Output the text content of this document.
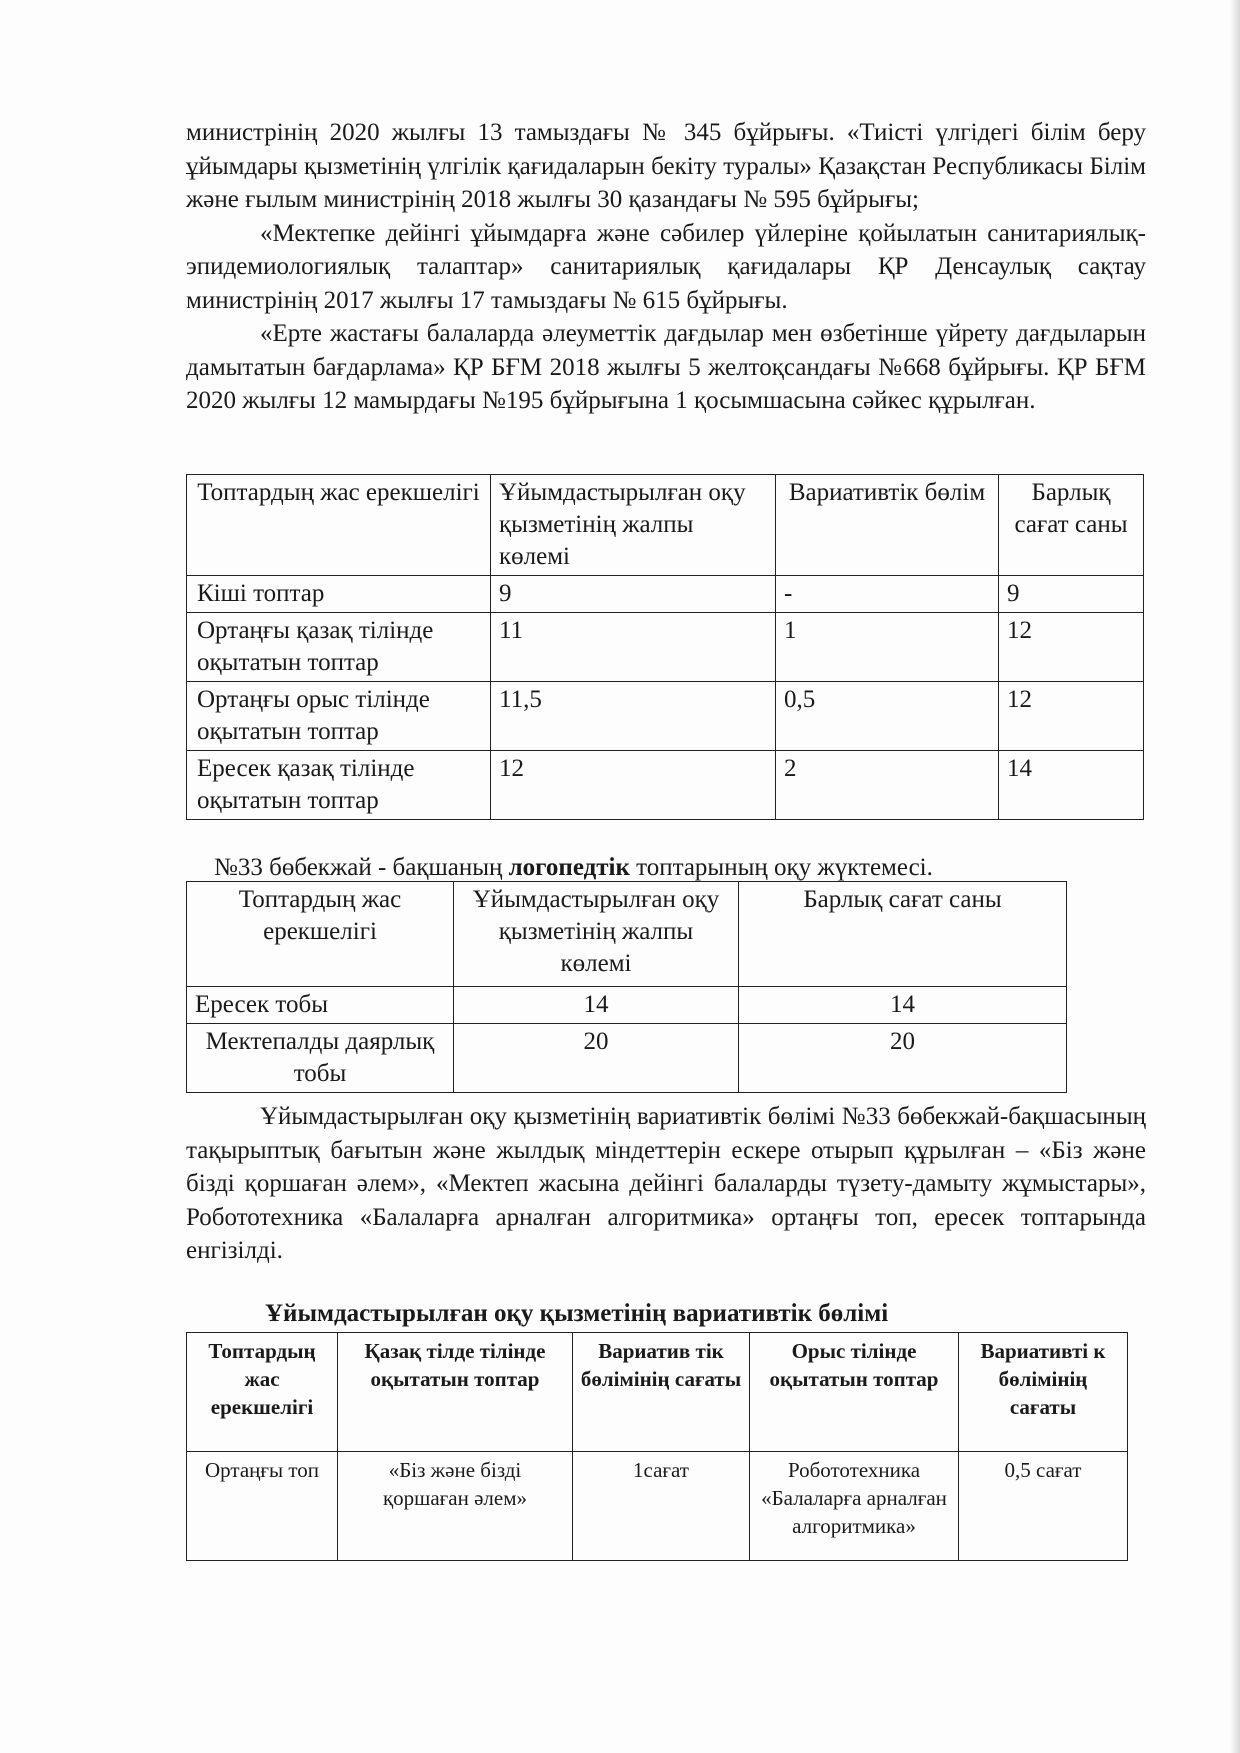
министрінің 2020 жылғы 13 тамыздағы № 345 бұйрығы. «Тиісті үлгідегі білім беру ұйымдары қызметінің үлгілік қағидаларын бекіту туралы» Қазақстан Республикасы Білім және ғылым министрінің 2018 жылғы 30 қазандағы № 595 бұйрығы;

«Мектепке дейінгі ұйымдарға және сәбилер үйлеріне қойылатын санитариялық-эпидемиологиялық талаптар» санитариялық қағидалары ҚР Денсаулық сақтау министрінің 2017 жылғы 17 тамыздағы № 615 бұйрығы.

«Ерте жастағы балаларда әлеуметтік дағдылар мен өзбетінше үйрету дағдыларын дамытатын бағдарлама» ҚР БҒМ 2018 жылғы 5 желтоқсандағы №668 бұйрығы. ҚР БҒМ 2020 жылғы 12 мамырдағы №195 бұйрығына 1 қосымшасына сәйкес құрылған.

Топтардың жас ерекшелігі	Ұйымдастырылған оқу қызметінің жалпы көлемі	Вариативтік бөлім	Барлық сағат саны
Кіші топтар	9	-	9
Ортаңғы қазақ тілінде оқытатын топтар	11	1	12
Ортаңғы орыс тілінде оқытатын топтар	11,5	0,5	12
Ересек қазақ тілінде оқытатын топтар	12	2	14
№33 бөбекжай - бақшаның логопедтік топтарының оқу жүктемесі.
Топтардың жас ерекшелігі	Ұйымдастырылған оқу қызметінің жалпы көлемі	Барлық сағат саны
Ересек тобы	14	14
Мектепалды даярлық тобы	20	20

Ұйымдастырылған оқу қызметінің вариативтік бөлімі №33 бөбекжай-бақшасының тақырыптық бағытын және жылдық міндеттерін ескере отырып құрылған – «Біз және бізді қоршаған әлем», «Мектеп жасына дейінгі балаларды түзету-дамыту жұмыстары», Робототехника «Балаларға арналған алгоритмика» ортаңғы топ, ересек топтарында енгізілді.

Ұйымдастырылған оқу қызметінің вариативтік бөлімі
Топтардың жас ерекшелігі	Қазақ тілде тілінде оқытатын топтар	Вариатив тік бөлімінің сағаты	Орыс тілінде оқытатын топтар	Вариативті к бөлімінің сағаты
Ортаңғы топ	«Біз және бізді қоршаған әлем»	1сағат	Робототехника «Балаларға арналған алгоритмика»	0,5 сағат
